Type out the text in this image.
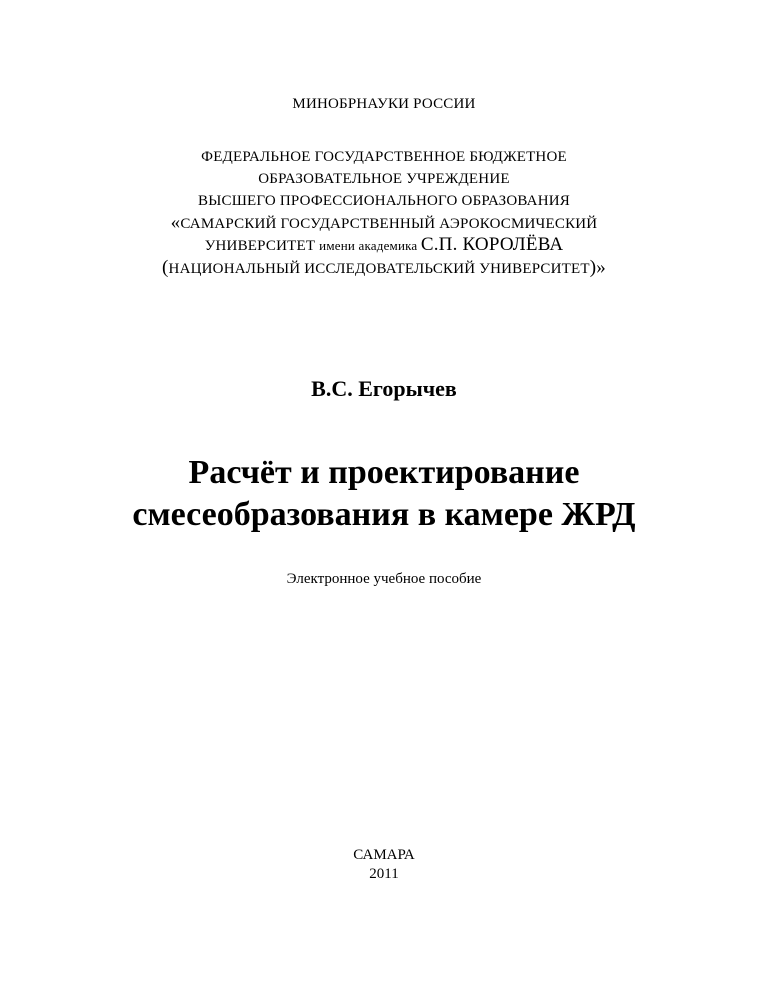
МИНОБРНАУКИ РОССИИ
ФЕДЕРАЛЬНОЕ ГОСУДАРСТВЕННОЕ БЮДЖЕТНОЕ
ОБРАЗОВАТЕЛЬНОЕ УЧРЕЖДЕНИЕ
ВЫСШЕГО ПРОФЕССИОНАЛЬНОГО ОБРАЗОВАНИЯ
«САМАРСКИЙ ГОСУДАРСТВЕННЫЙ АЭРОКОСМИЧЕСКИЙ
УНИВЕРСИТЕТ имени академика С.П. КОРОЛЁВА
(НАЦИОНАЛЬНЫЙ ИССЛЕДОВАТЕЛЬСКИЙ УНИВЕРСИТЕТ)»
В.С. Егорычев
Расчёт и проектирование
смесеобразования в камере ЖРД
Электронное учебное пособие
САМАРА
2011
